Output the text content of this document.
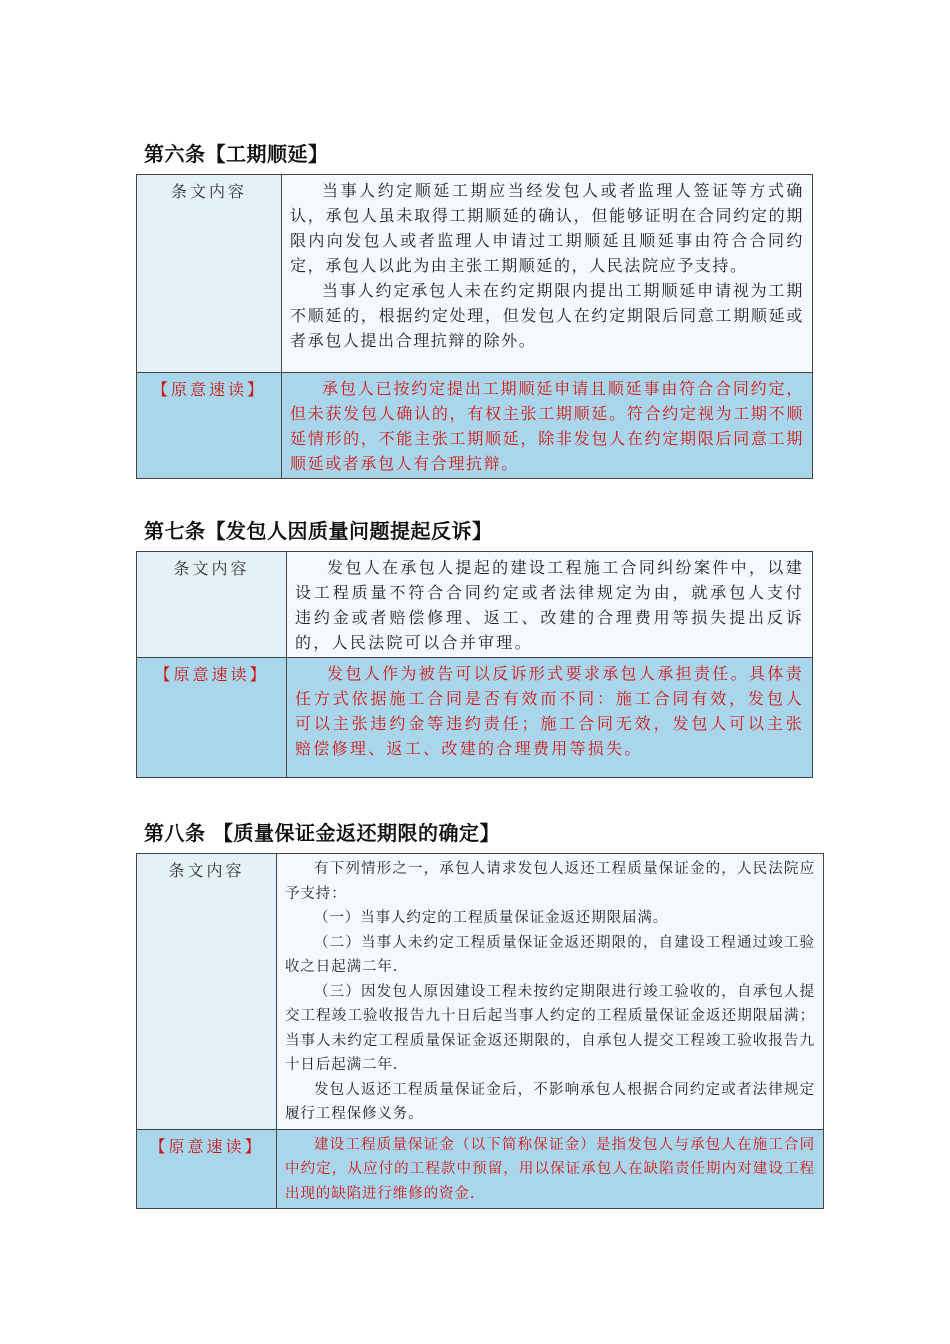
第六条【工期顺延】
条文内容	当事人约定顺延工期应当经发包人或者监理人签证等方式确认，承包人虽未取得工期顺延的确认，但能够证明在合同约定的期限内向发包人或者监理人申请过工期顺延且顺延事由符合合同约定，承包人以此为由主张工期顺延的，人民法院应予支持。

当事人约定承包人未在约定期限内提出工期顺延申请视为工期不顺延的，根据约定处理，但发包人在约定期限后同意工期顺延或者承包人提出合理抗辩的除外。

【原意速读】	承包人已按约定提出工期顺延申请且顺延事由符合合同约定，但未获发包人确认的，有权主张工期顺延。符合约定视为工期不顺延情形的，不能主张工期顺延，除非发包人在约定期限后同意工期顺延或者承包人有合理抗辩。

第七条【发包人因质量问题提起反诉】
条文内容	发包人在承包人提起的建设工程施工合同纠纷案件中，以建设工程质量不符合合同约定或者法律规定为由，就承包人支付违约金或者赔偿修理、返工、改建的合理费用等损失提出反诉的，人民法院可以合并审理。

【原意速读】	发包人作为被告可以反诉形式要求承包人承担责任。具体责任方式依据施工合同是否有效而不同：施工合同有效，发包人可以主张违约金等违约责任；施工合同无效，发包人可以主张赔偿修理、返工、改建的合理费用等损失。

第八条 【质量保证金返还期限的确定】
条文内容	有下列情形之一，承包人请求发包人返还工程质量保证金的，人民法院应予支持：

（一）当事人约定的工程质量保证金返还期限届满。

（二）当事人未约定工程质量保证金返还期限的，自建设工程通过竣工验收之日起满二年.

（三）因发包人原因建设工程未按约定期限进行竣工验收的，自承包人提交工程竣工验收报告九十日后起当事人约定的工程质量保证金返还期限届满；当事人未约定工程质量保证金返还期限的，自承包人提交工程竣工验收报告九十日后起满二年.

发包人返还工程质量保证金后，不影响承包人根据合同约定或者法律规定履行工程保修义务。

【原意速读】	建设工程质量保证金（以下简称保证金）是指发包人与承包人在施工合同中约定，从应付的工程款中预留，用以保证承包人在缺陷责任期内对建设工程出现的缺陷进行维修的资金.
